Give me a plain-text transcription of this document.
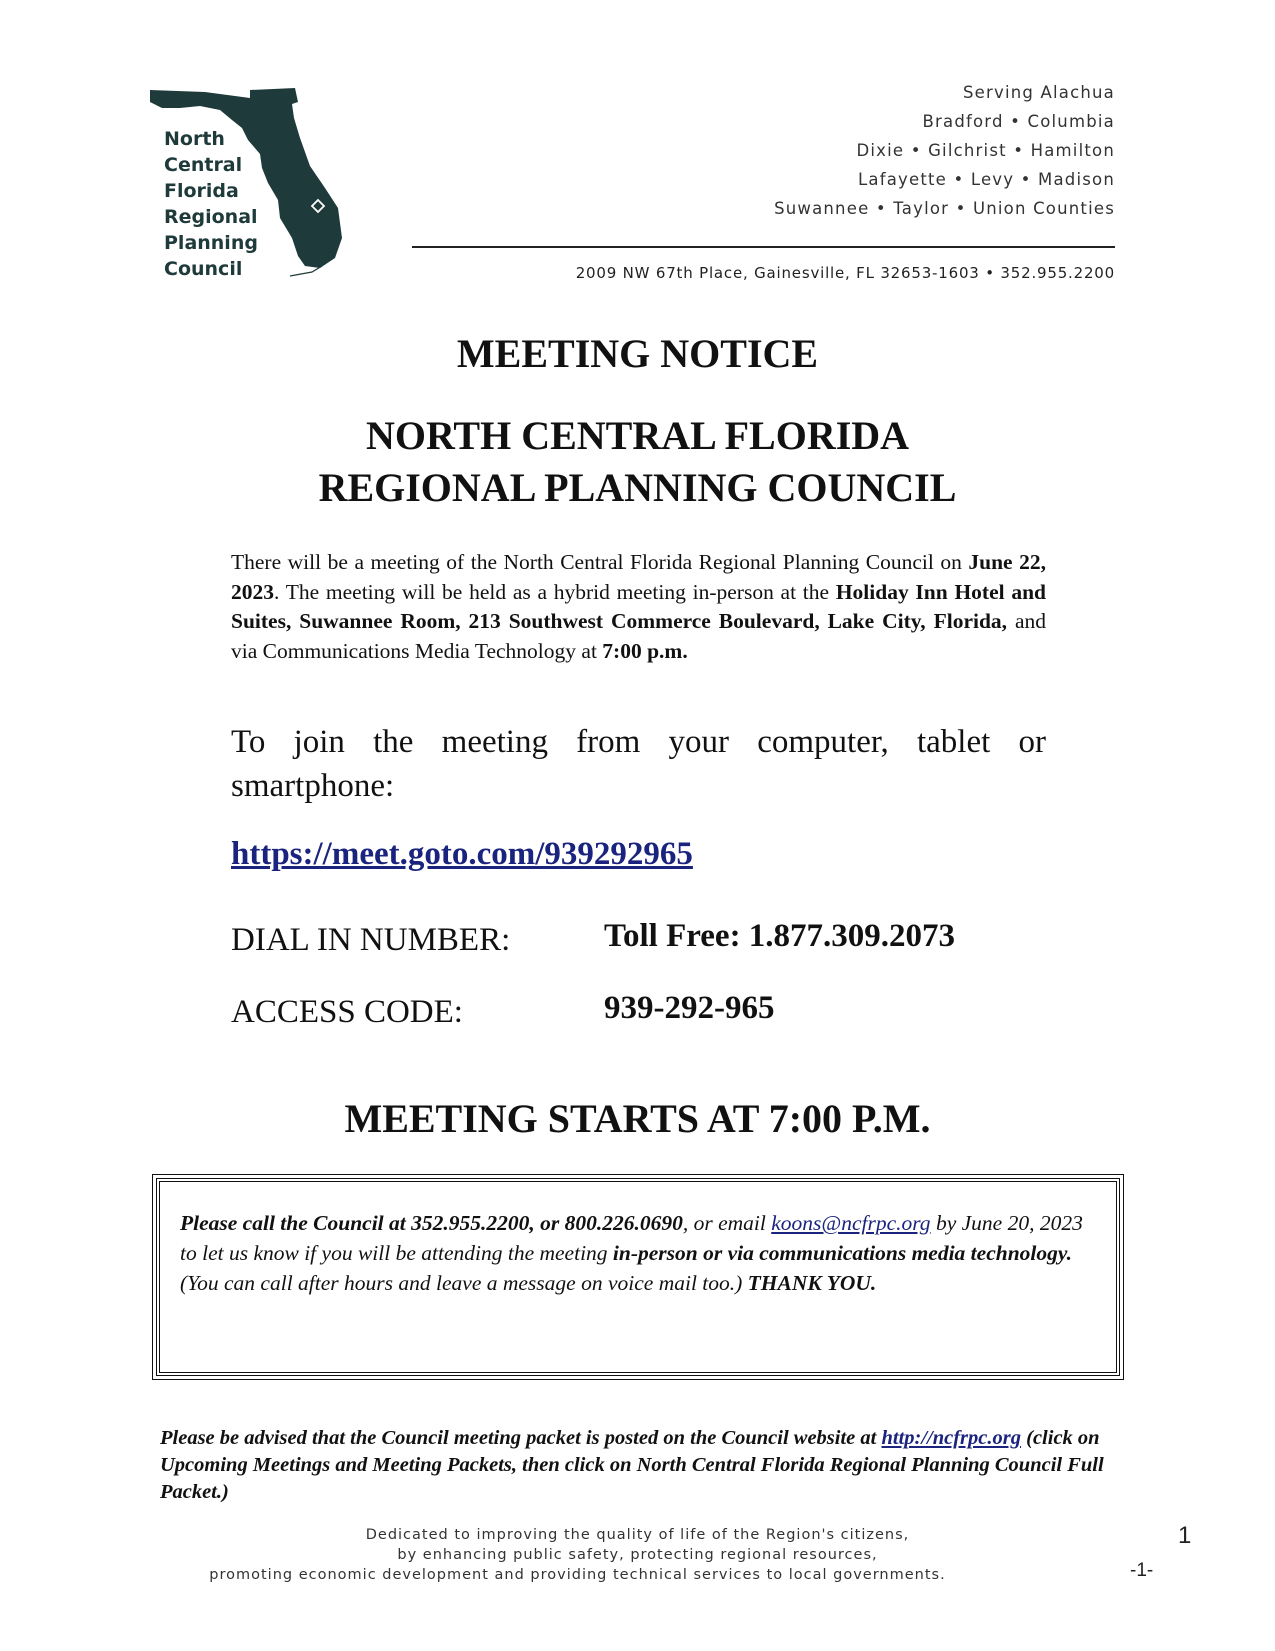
North
Central
Florida
Regional
Planning
Council
Serving Alachua
Bradford • Columbia
Dixie • Gilchrist • Hamilton
Lafayette • Levy • Madison
Suwannee • Taylor • Union Counties
2009 NW 67th Place, Gainesville, FL 32653-1603 • 352.955.2200
MEETING NOTICE
NORTH CENTRAL FLORIDA
REGIONAL PLANNING COUNCIL
There will be a meeting of the North Central Florida Regional Planning Council on June 22, 2023. The meeting will be held as a hybrid meeting in-person at the Holiday Inn Hotel and Suites, Suwannee Room, 213 Southwest Commerce Boulevard, Lake City, Florida, and via Communications Media Technology at 7:00 p.m.
To join the meeting from your computer, tablet or smartphone:
https://meet.goto.com/939292965
DIAL IN NUMBER:	Toll Free: 1.877.309.2073
ACCESS CODE:	939-292-965
MEETING STARTS AT 7:00 P.M.
Please call the Council at 352.955.2200, or 800.226.0690, or email koons@ncfrpc.org by June 20, 2023 to let us know if you will be attending the meeting in-person or via communications media technology. (You can call after hours and leave a message on voice mail too.) THANK YOU.
Please be advised that the Council meeting packet is posted on the Council website at http://ncfrpc.org (click on Upcoming Meetings and Meeting Packets, then click on North Central Florida Regional Planning Council Full Packet.)
Dedicated to improving the quality of life of the Region's citizens,
by enhancing public safety, protecting regional resources,
promoting economic development and providing technical services to local governments.
1
-1-
